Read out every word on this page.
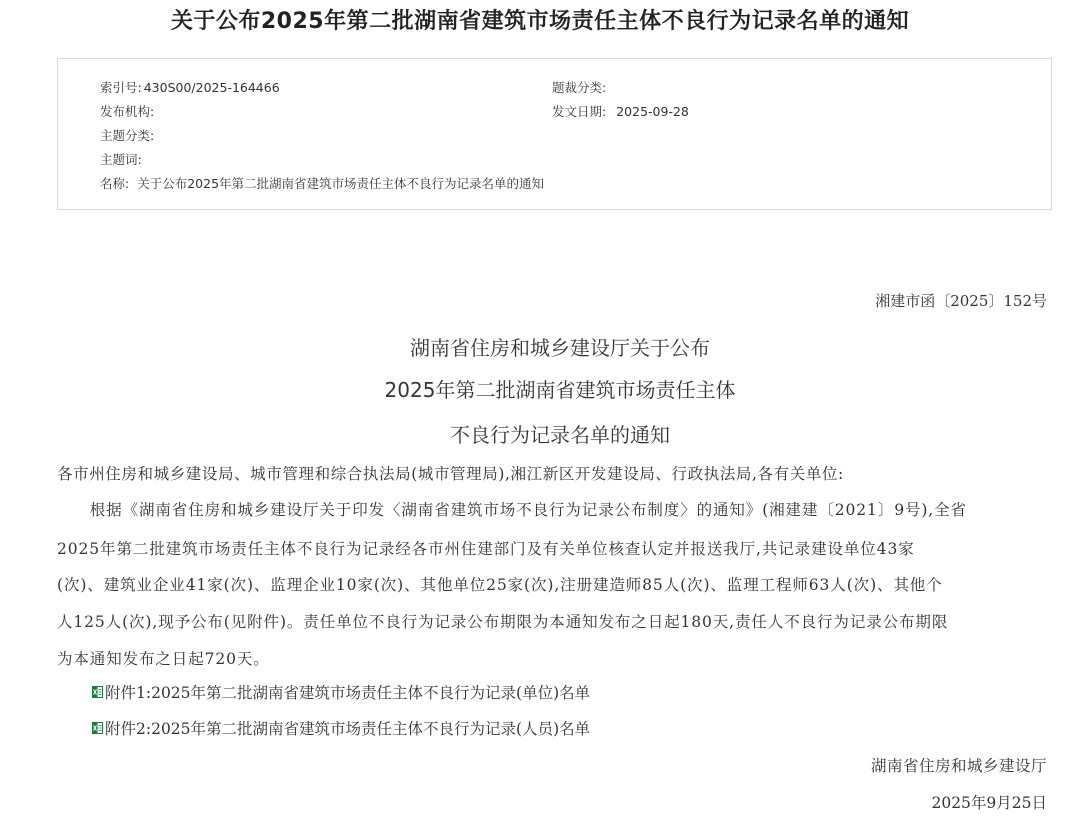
关于公布2025年第二批湖南省建筑市场责任主体不良行为记录名单的通知
索引号: 430S00/2025-164466	题裁分类:
发布机构:	发文日期: 2025-09-28
主题分类:
主题词:
名称: 关于公布2025年第二批湖南省建筑市场责任主体不良行为记录名单的通知
湘建市函〔2025〕152号
湖南省住房和城乡建设厅关于公布
2025年第二批湖南省建筑市场责任主体
不良行为记录名单的通知
各市州住房和城乡建设局、城市管理和综合执法局(城市管理局),湘江新区开发建设局、行政执法局,各有关单位:
　　根据《湖南省住房和城乡建设厅关于印发〈湖南省建筑市场不良行为记录公布制度〉的通知》(湘建建〔2021〕9号),全省
2025年第二批建筑市场责任主体不良行为记录经各市州住建部门及有关单位核查认定并报送我厅,共记录建设单位43家
(次)、建筑业企业41家(次)、监理企业10家(次)、其他单位25家(次),注册建造师85人(次)、监理工程师63人(次)、其他个
人125人(次),现予公布(见附件)。责任单位不良行为记录公布期限为本通知发布之日起180天,责任人不良行为记录公布期限
为本通知发布之日起720天。
附件1:2025年第二批湖南省建筑市场责任主体不良行为记录(单位)名单
附件2:2025年第二批湖南省建筑市场责任主体不良行为记录(人员)名单
湖南省住房和城乡建设厅
2025年9月25日
